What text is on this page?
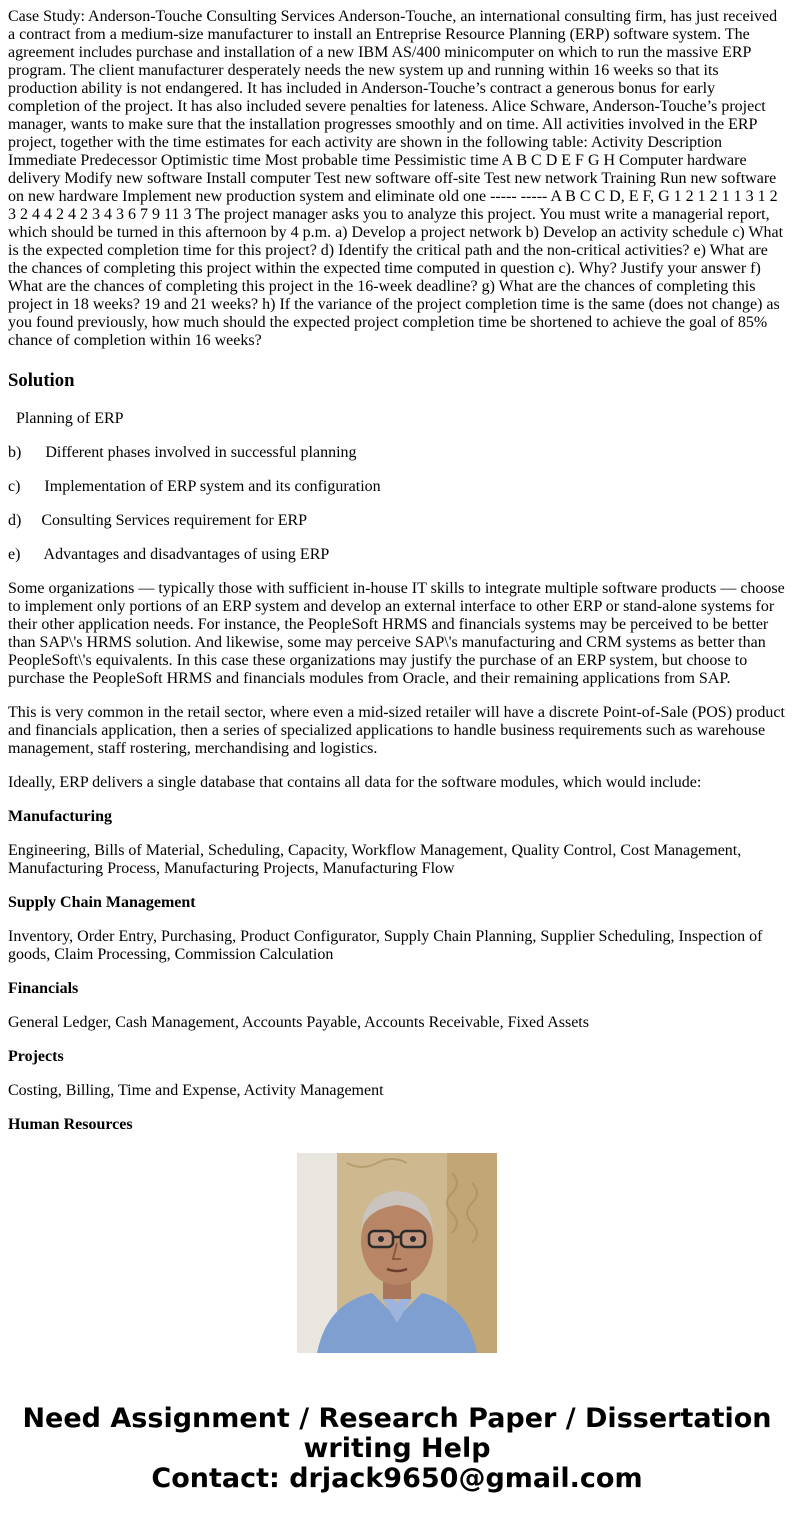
Case Study: Anderson-Touche Consulting Services Anderson-Touche, an international consulting firm, has just received a contract from a medium-size manufacturer to install an Entreprise Resource Planning (ERP) software system. The agreement includes purchase and installation of a new IBM AS/400 minicomputer on which to run the massive ERP program. The client manufacturer desperately needs the new system up and running within 16 weeks so that its production ability is not endangered. It has included in Anderson-Touche’s contract a generous bonus for early completion of the project. It has also included severe penalties for lateness. Alice Schware, Anderson-Touche’s project manager, wants to make sure that the installation progresses smoothly and on time. All activities involved in the ERP project, together with the time estimates for each activity are shown in the following table: Activity Description Immediate Predecessor Optimistic time Most probable time Pessimistic time A B C D E F G H Computer hardware delivery Modify new software Install computer Test new software off-site Test new network Training Run new software on new hardware Implement new production system and eliminate old one ----- ----- A B C C D, E F, G 1 2 1 2 1 1 3 1 2 3 2 4 4 2 4 2 3 4 3 6 7 9 11 3 The project manager asks you to analyze this project. You must write a managerial report, which should be turned in this afternoon by 4 p.m. a) Develop a project network b) Develop an activity schedule c) What is the expected completion time for this project? d) Identify the critical path and the non-critical activities? e) What are the chances of completing this project within the expected time computed in question c). Why? Justify your answer f) What are the chances of completing this project in the 16-week deadline? g) What are the chances of completing this project in 18 weeks? 19 and 21 weeks? h) If the variance of the project completion time is the same (does not change) as you found previously, how much should the expected project completion time be shortened to achieve the goal of 85% chance of completion within 16 weeks?

Solution

Planning of ERP

b)      Different phases involved in successful planning

c)      Implementation of ERP system and its configuration

d)     Consulting Services requirement for ERP

e)      Advantages and disadvantages of using ERP

Some organizations — typically those with sufficient in-house IT skills to integrate multiple software products — choose to implement only portions of an ERP system and develop an external interface to other ERP or stand-alone systems for their other application needs. For instance, the PeopleSoft HRMS and financials systems may be perceived to be better than SAP\'s HRMS solution. And likewise, some may perceive SAP\'s manufacturing and CRM systems as better than PeopleSoft\'s equivalents. In this case these organizations may justify the purchase of an ERP system, but choose to purchase the PeopleSoft HRMS and financials modules from Oracle, and their remaining applications from SAP.

This is very common in the retail sector, where even a mid-sized retailer will have a discrete Point-of-Sale (POS) product and financials application, then a series of specialized applications to handle business requirements such as warehouse management, staff rostering, merchandising and logistics.

Ideally, ERP delivers a single database that contains all data for the software modules, which would include:

Manufacturing

Engineering, Bills of Material, Scheduling, Capacity, Workflow Management, Quality Control, Cost Management, Manufacturing Process, Manufacturing Projects, Manufacturing Flow

Supply Chain Management

Inventory, Order Entry, Purchasing, Product Configurator, Supply Chain Planning, Supplier Scheduling, Inspection of goods, Claim Processing, Commission Calculation

Financials

General Ledger, Cash Management, Accounts Payable, Accounts Receivable, Fixed Assets

Projects

Costing, Billing, Time and Expense, Activity Management

Human Resources

Need Assignment / Research Paper / Dissertation
writing Help
Contact: drjack9650@gmail.com
